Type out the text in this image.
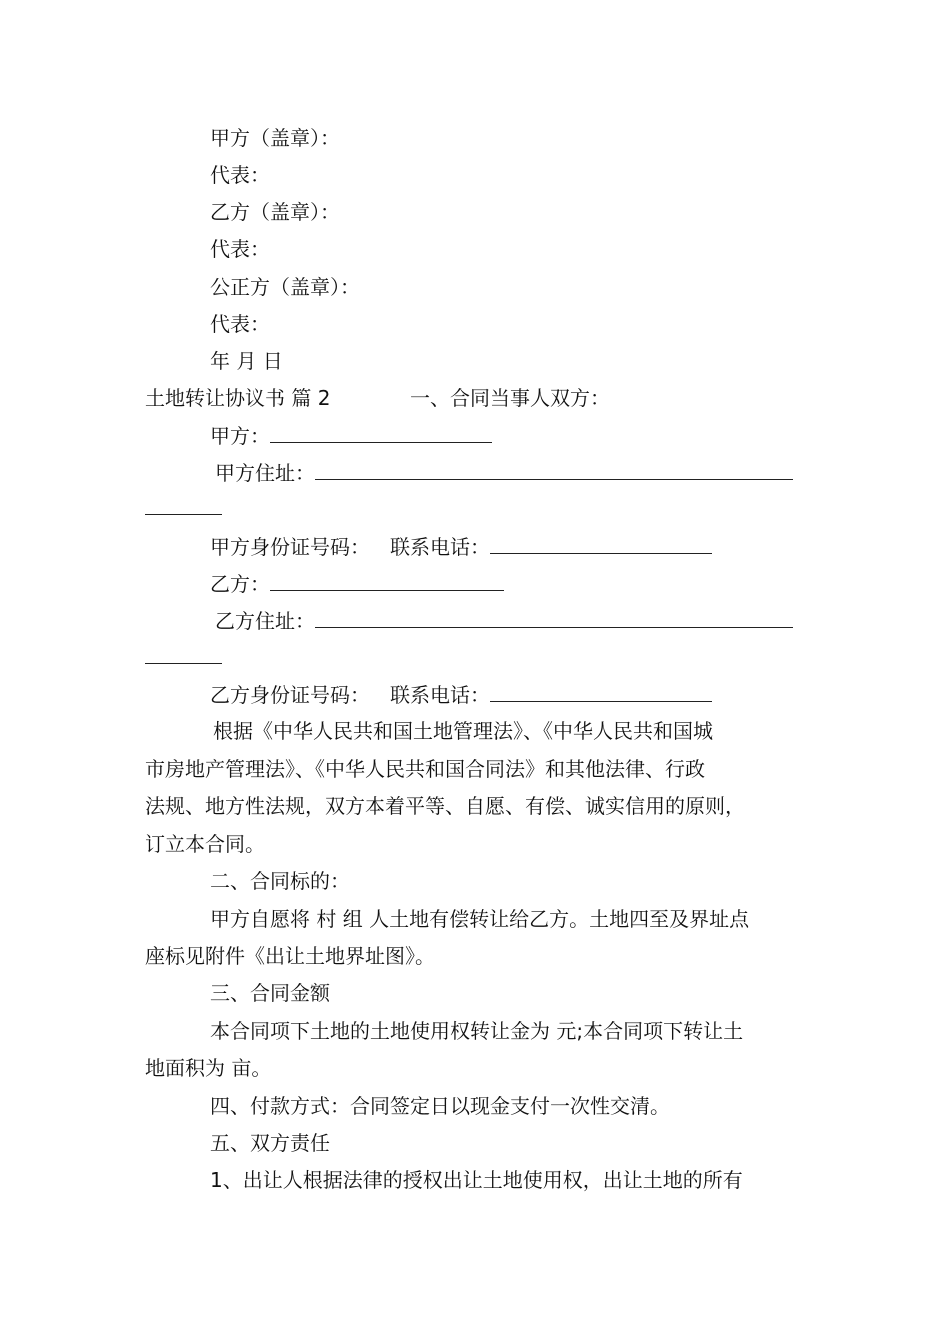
甲方（盖章）：
代表：
乙方（盖章）：
代表：
公正方（盖章）：
代表：
年 月 日
土地转让协议书 篇 2	一、合同当事人双方：
甲方：
甲方住址：
甲方身份证号码： 联系电话：
乙方：
乙方住址：
乙方身份证号码： 联系电话：
根据《中华人民共和国土地管理法》、《中华人民共和国城
市房地产管理法》、《中华人民共和国合同法》和其他法律、行政
法规、地方性法规，双方本着平等、自愿、有偿、诚实信用的原则，
订立本合同。
二、合同标的：
甲方自愿将 村 组 人土地有偿转让给乙方。土地四至及界址点
座标见附件《出让土地界址图》。
三、合同金额
本合同项下土地的土地使用权转让金为 元;本合同项下转让土
地面积为 亩。
四、付款方式：合同签定日以现金支付一次性交清。
五、双方责任
1、出让人根据法律的授权出让土地使用权，出让土地的所有
